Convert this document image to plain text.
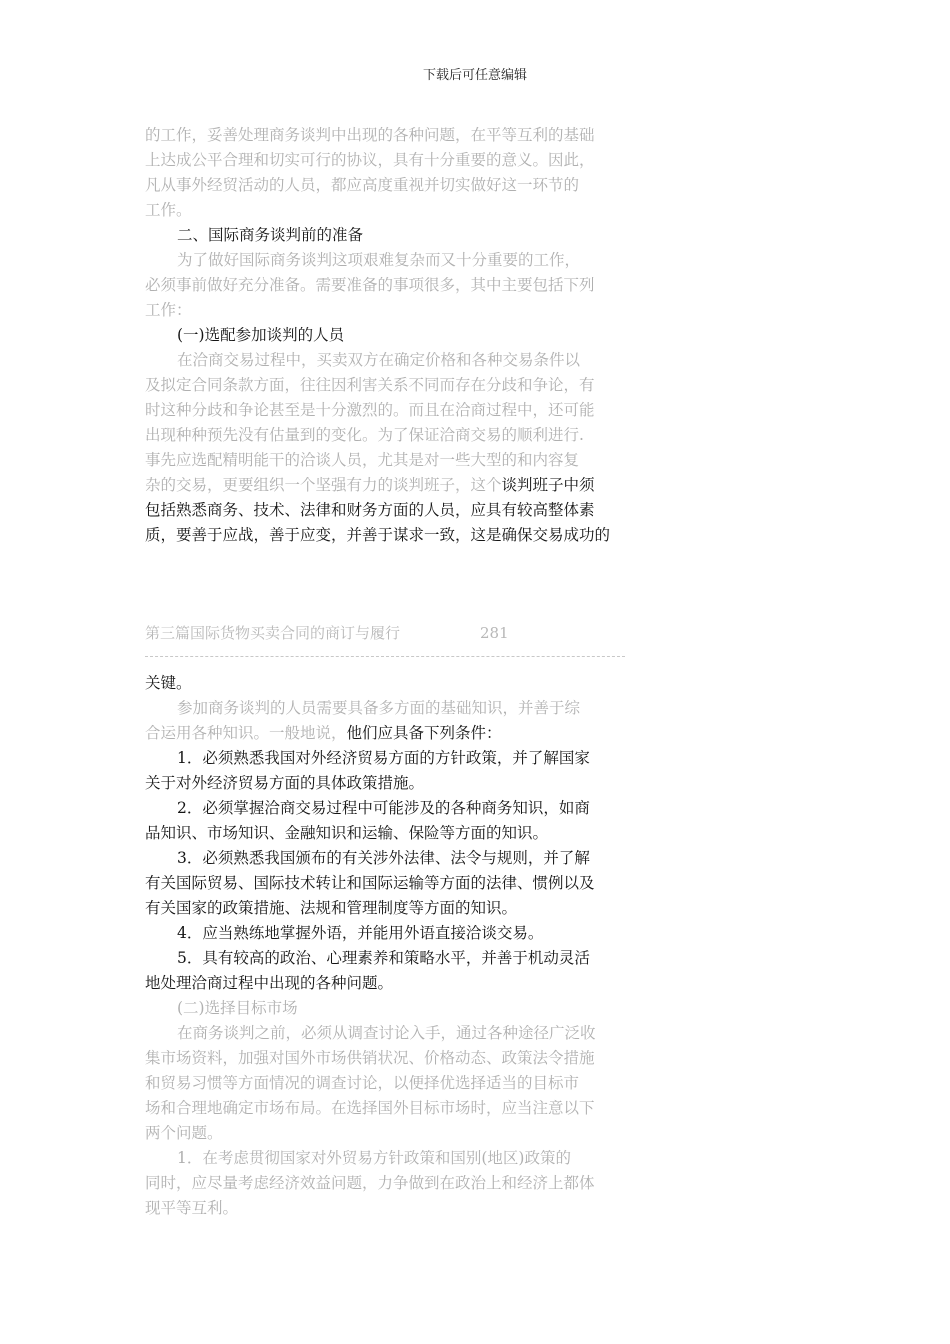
下载后可任意编辑
的工作，妥善处理商务谈判中出现的各种问题，在平等互利的基础
上达成公平合理和切实可行的协议，具有十分重要的意义。因此，
凡从事外经贸活动的人员，都应高度重视并切实做好这一环节的
工作。
二、国际商务谈判前的准备
为了做好国际商务谈判这项艰难复杂而又十分重要的工作，
必须事前做好充分准备。需要准备的事项很多，其中主要包括下列
工作：
(一)选配参加谈判的人员
在洽商交易过程中，买卖双方在确定价格和各种交易条件以
及拟定合同条款方面，往往因利害关系不同而存在分歧和争论，有
时这种分歧和争论甚至是十分激烈的。而且在洽商过程中，还可能
出现种种预先没有估量到的变化。为了保证洽商交易的顺利进行.
事先应选配精明能干的洽谈人员，尤其是对一些大型的和内容复
杂的交易，更要组织一个坚强有力的谈判班子，这个谈判班子中须
包括熟悉商务、技术、法律和财务方面的人员，应具有较高整体素
质，要善于应战，善于应变，并善于谋求一致，这是确保交易成功的
第三篇国际货物买卖合同的商订与履行	281
关键。
参加商务谈判的人员需要具备多方面的基础知识，并善于综
合运用各种知识。一般地说，他们应具备下列条件：
1．必须熟悉我国对外经济贸易方面的方针政策，并了解国家
关于对外经济贸易方面的具体政策措施。
2．必须掌握洽商交易过程中可能涉及的各种商务知识，如商
品知识、市场知识、金融知识和运输、保险等方面的知识。
3．必须熟悉我国颁布的有关涉外法律、法令与规则，并了解
有关国际贸易、国际技术转让和国际运输等方面的法律、惯例以及
有关国家的政策措施、法规和管理制度等方面的知识。
4．应当熟练地掌握外语，并能用外语直接洽谈交易。
5．具有较高的政治、心理素养和策略水平，并善于机动灵活
地处理洽商过程中出现的各种问题。
(二)选择目标市场
在商务谈判之前，必须从调查讨论入手，通过各种途径广泛收
集市场资料，加强对国外市场供销状况、价格动态、政策法令措施
和贸易习惯等方面情况的调查讨论，以便择优选择适当的目标市
场和合理地确定市场布局。在选择国外目标市场时，应当注意以下
两个问题。
1．在考虑贯彻国家对外贸易方针政策和国别(地区)政策的
同时，应尽量考虑经济效益问题，力争做到在政治上和经济上都体
现平等互利。
